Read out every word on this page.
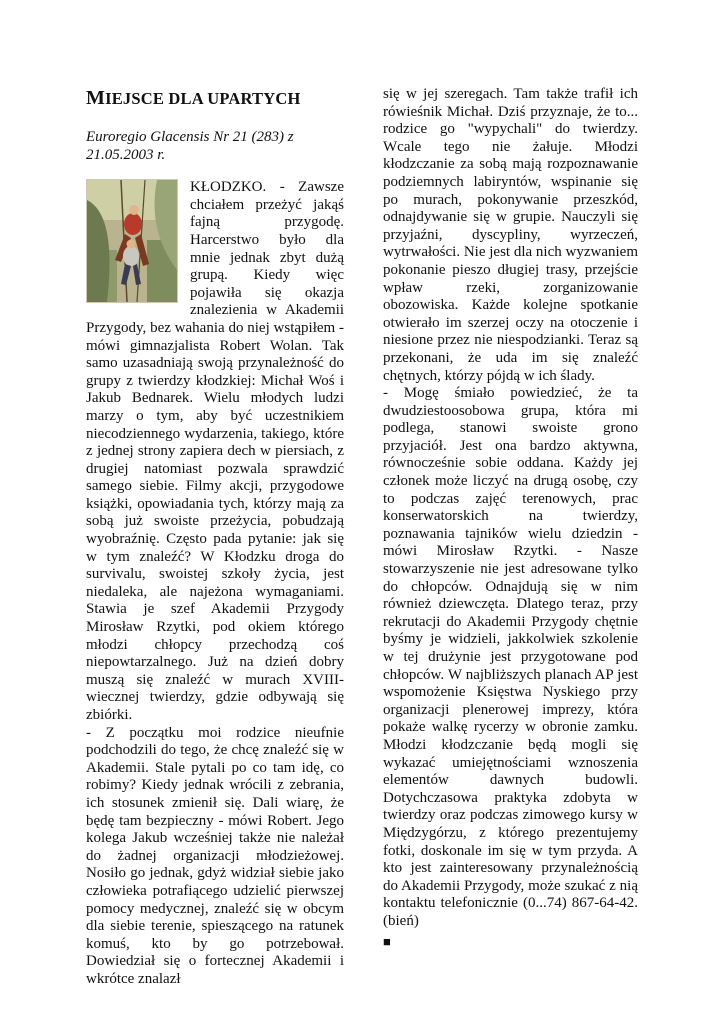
MIEJSCE DLA UPARTYCH
Euroregio Glacensis Nr 21 (283) z 21.05.2003 r.

KŁODZKO. - Zawsze chciałem przeżyć jakąś fajną przygodę. Harcerstwo było dla mnie jednak zbyt dużą grupą. Kiedy więc pojawiła się okazja znalezienia w Akademii Przygody, bez wahania do niej wstąpiłem - mówi gimnazjalista Robert Wolan. Tak samo uzasadniają swoją przynależność do grupy z twierdzy kłodzkiej: Michał Woś i Jakub Bednarek. Wielu młodych ludzi marzy o tym, aby być uczestnikiem niecodziennego wydarzenia, takiego, które z jednej strony zapiera dech w piersiach, z drugiej natomiast pozwala sprawdzić samego siebie. Filmy akcji, przygodowe książki, opowiadania tych, którzy mają za sobą już swoiste przeżycia, pobudzają wyobraźnię. Często pada pytanie: jak się w tym znaleźć? W Kłodzku droga do survivalu, swoistej szkoły życia, jest niedaleka, ale najeżona wymaganiami. Stawia je szef Akademii Przygody Mirosław Rzytki, pod okiem którego młodzi chłopcy przechodzą coś niepowtarzalnego. Już na dzień dobry muszą się znaleźć w murach XVIII-wiecznej twierdzy, gdzie odbywają się zbiórki.

- Z początku moi rodzice nieufnie podchodzili do tego, że chcę znaleźć się w Akademii. Stale pytali po co tam idę, co robimy? Kiedy jednak wrócili z zebrania, ich stosunek zmienił się. Dali wiarę, że będę tam bezpieczny - mówi Robert. Jego kolega Jakub wcześniej także nie należał do żadnej organizacji młodzieżowej. Nosiło go jednak, gdyż widział siebie jako człowieka potrafiącego udzielić pierwszej pomocy medycznej, znaleźć się w obcym dla siebie terenie, spieszącego na ratunek komuś, kto by go potrzebował. Dowiedział się o fortecznej Akademii i wkrótce znalazł

się w jej szeregach. Tam także trafił ich rówieśnik Michał. Dziś przyznaje, że to... rodzice go "wypychali" do twierdzy. Wcale tego nie żałuje. Młodzi kłodzczanie za sobą mają rozpoznawanie podziemnych labiryntów, wspinanie się po murach, pokonywanie przeszkód, odnajdywanie się w grupie. Nauczyli się przyjaźni, dyscypliny, wyrzeczeń, wytrwałości. Nie jest dla nich wyzwaniem pokonanie pieszo długiej trasy, przejście wpław rzeki, zorganizowanie obozowiska. Każde kolejne spotkanie otwierało im szerzej oczy na otoczenie i niesione przez nie niespodzianki. Teraz są przekonani, że uda im się znaleźć chętnych, którzy pójdą w ich ślady.

- Mogę śmiało powiedzieć, że ta dwudziestoosobowa grupa, która mi podlega, stanowi swoiste grono przyjaciół. Jest ona bardzo aktywna, równocześnie sobie oddana. Każdy jej członek może liczyć na drugą osobę, czy to podczas zajęć terenowych, prac konserwatorskich na twierdzy, poznawania tajników wielu dziedzin - mówi Mirosław Rzytki. - Nasze stowarzyszenie nie jest adresowane tylko do chłopców. Odnajdują się w nim również dziewczęta. Dlatego teraz, przy rekrutacji do Akademii Przygody chętnie byśmy je widzieli, jakkolwiek szkolenie w tej drużynie jest przygotowane pod chłopców. W najbliższych planach AP jest wspomożenie Księstwa Nyskiego przy organizacji plenerowej imprezy, która pokaże walkę rycerzy w obronie zamku. Młodzi kłodzczanie będą mogli się wykazać umiejętnościami wznoszenia elementów dawnych budowli. Dotychczasowa praktyka zdobyta w twierdzy oraz podczas zimowego kursy w Międzygórzu, z którego prezentujemy fotki, doskonale im się w tym przyda. A kto jest zainteresowany przynależnością do Akademii Przygody, może szukać z nią kontaktu telefonicznie (0...74) 867-64-42. (bień)

■
